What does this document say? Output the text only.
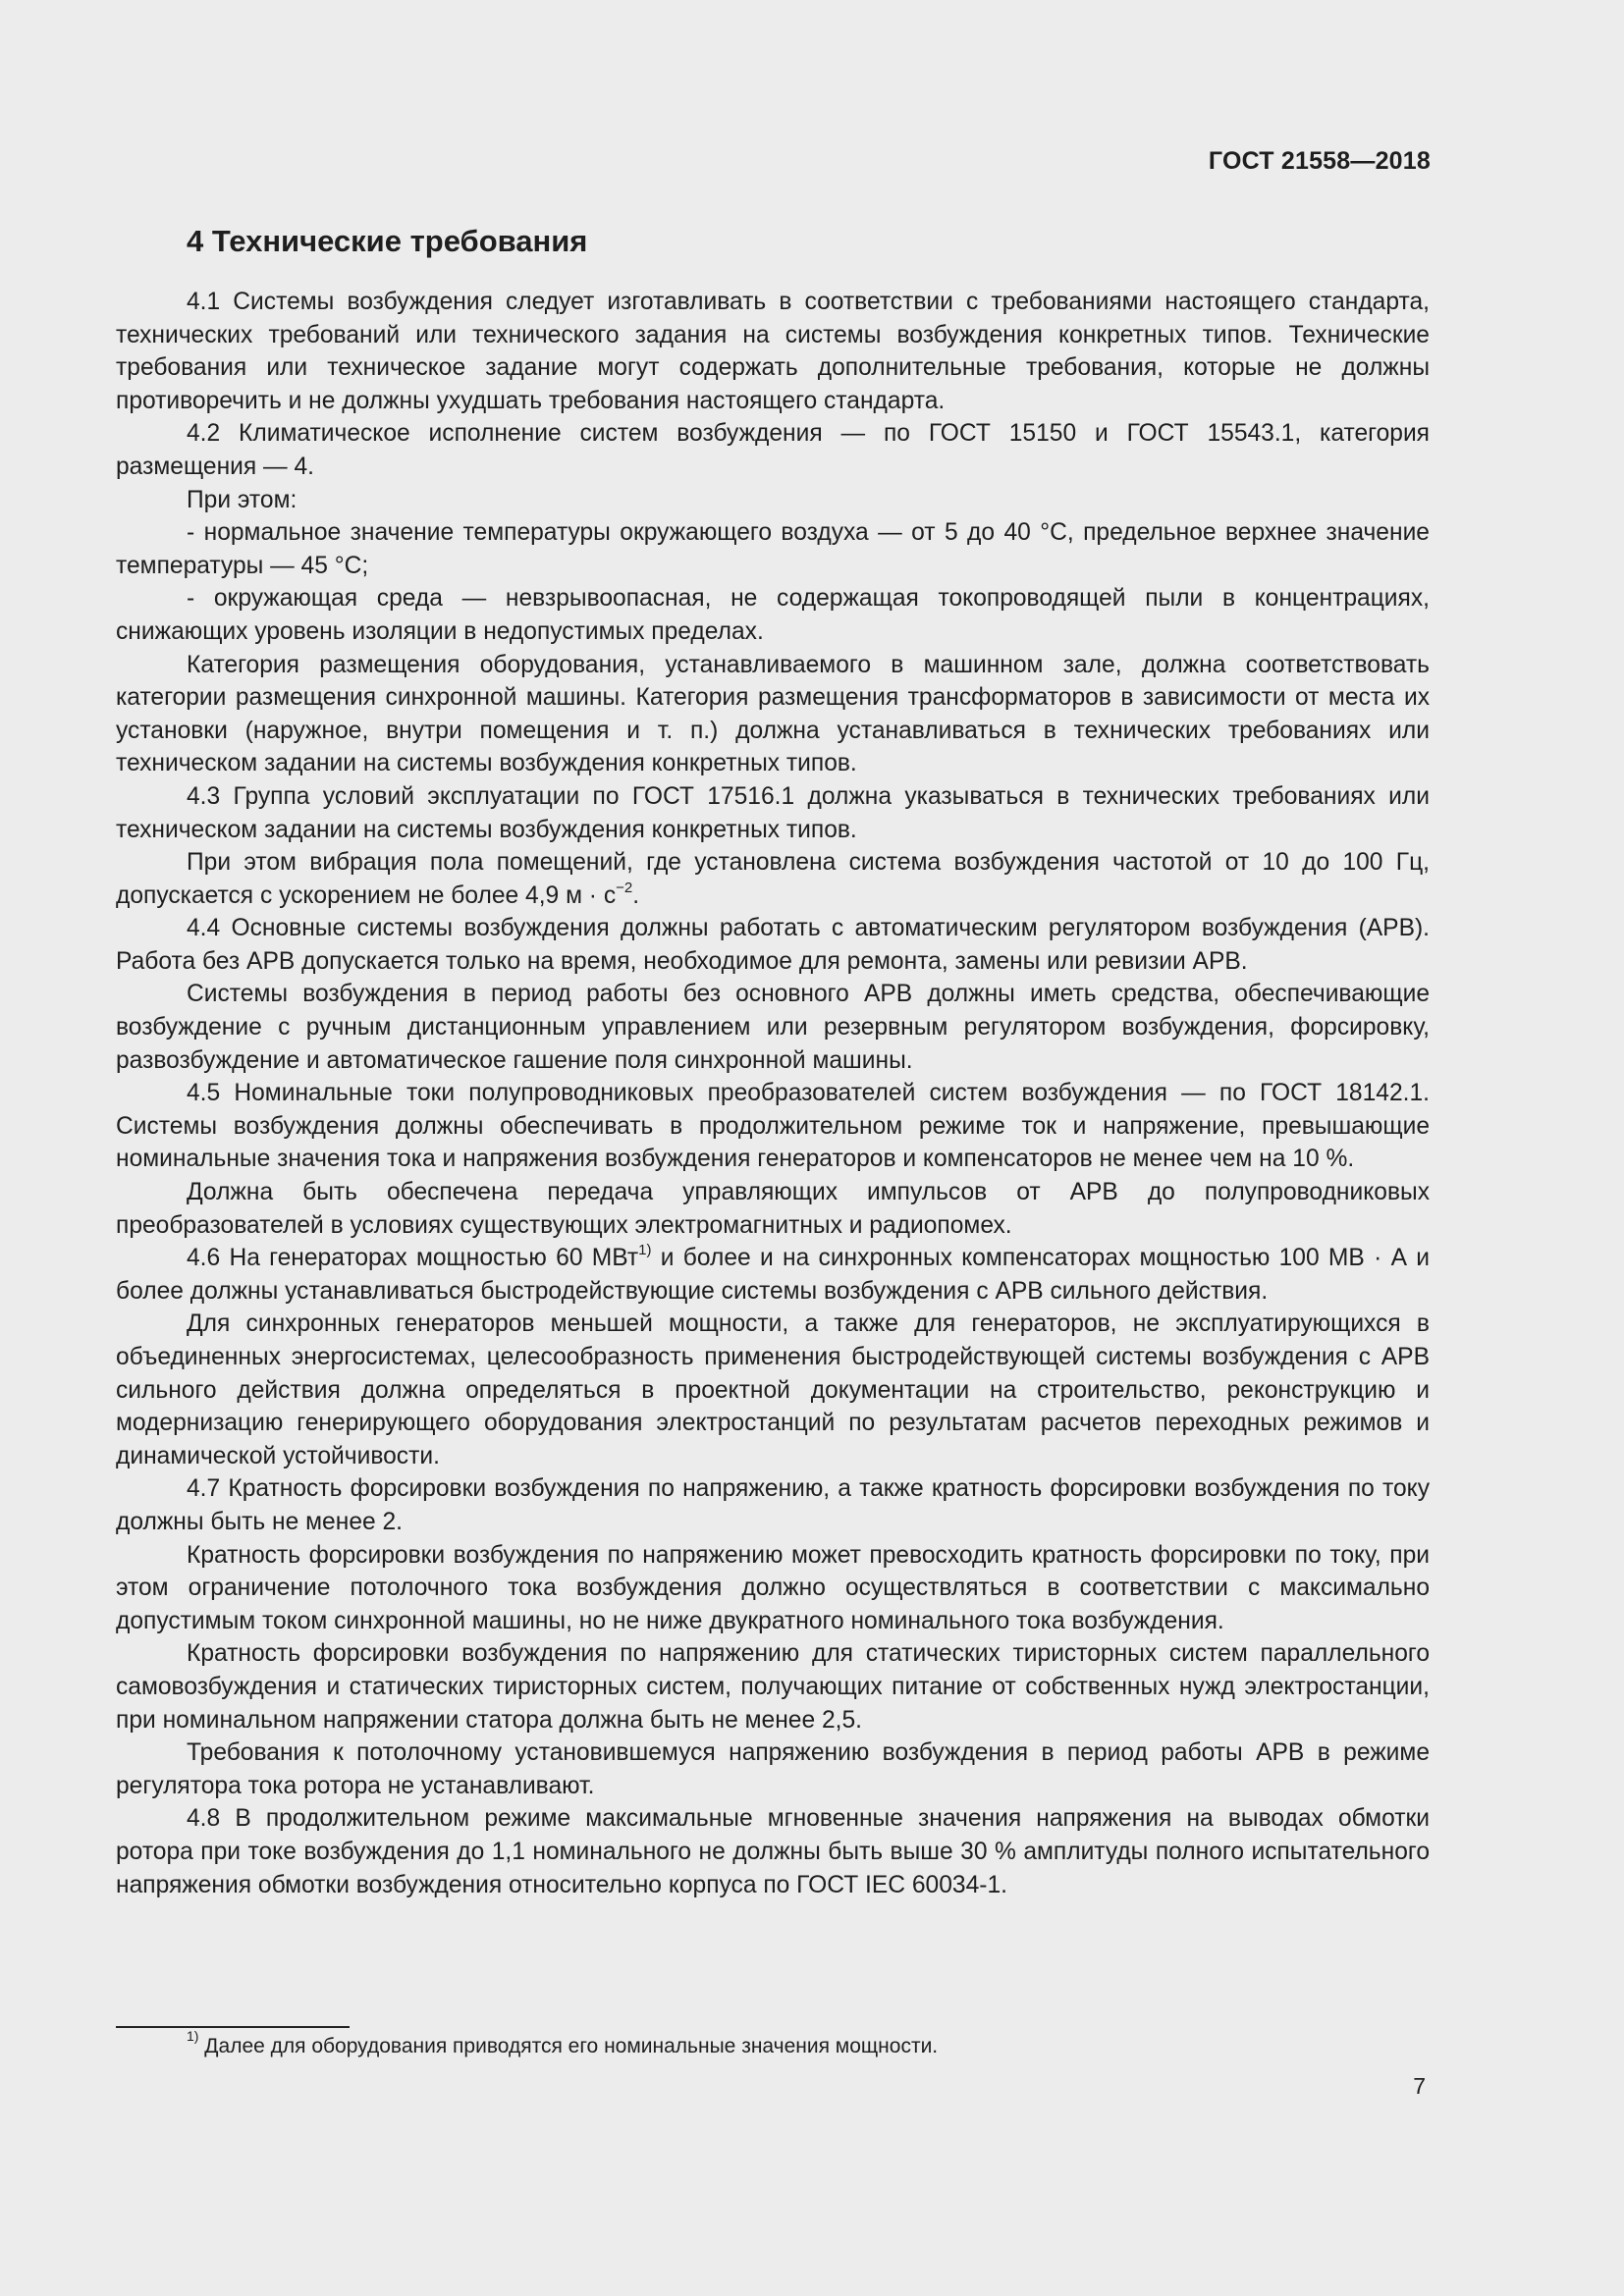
ГОСТ 21558—2018
4 Технические требования

4.1 Системы возбуждения следует изготавливать в соответствии с требованиями настоящего стандарта, технических требований или технического задания на системы возбуждения конкретных типов. Технические требования или техническое задание могут содержать дополнительные требования, которые не должны противоречить и не должны ухудшать требования настоящего стандарта.

4.2 Климатическое исполнение систем возбуждения — по ГОСТ 15150 и ГОСТ 15543.1, категория размещения — 4.

При этом:

- нормальное значение температуры окружающего воздуха — от 5 до 40 °С, предельное верхнее значение температуры — 45 °С;

- окружающая среда — невзрывоопасная, не содержащая токопроводящей пыли в концентрациях, снижающих уровень изоляции в недопустимых пределах.

Категория размещения оборудования, устанавливаемого в машинном зале, должна соответствовать категории размещения синхронной машины. Категория размещения трансформаторов в зависимости от места их установки (наружное, внутри помещения и т. п.) должна устанавливаться в технических требованиях или техническом задании на системы возбуждения конкретных типов.

4.3 Группа условий эксплуатации по ГОСТ 17516.1 должна указываться в технических требованиях или техническом задании на системы возбуждения конкретных типов.

При этом вибрация пола помещений, где установлена система возбуждения частотой от 10 до 100 Гц, допускается с ускорением не более 4,9 $м \cdot с^{-2}$.

4.4 Основные системы возбуждения должны работать с автоматическим регулятором возбуждения (АРВ). Работа без АРВ допускается только на время, необходимое для ремонта, замены или ревизии АРВ.

Системы возбуждения в период работы без основного АРВ должны иметь средства, обеспечивающие возбуждение с ручным дистанционным управлением или резервным регулятором возбуждения, форсировку, развозбуждение и автоматическое гашение поля синхронной машины.

4.5 Номинальные токи полупроводниковых преобразователей систем возбуждения — по ГОСТ 18142.1. Системы возбуждения должны обеспечивать в продолжительном режиме ток и напряжение, превышающие номинальные значения тока и напряжения возбуждения генераторов и компенсаторов не менее чем на 10 %.

Должна быть обеспечена передача управляющих импульсов от АРВ до полупроводниковых преобразователей в условиях существующих электромагнитных и радиопомех.

4.6 На генераторах мощностью 60 МВт$^{1)}$ и более и на синхронных компенсаторах мощностью 100 МВ · А и более должны устанавливаться быстродействующие системы возбуждения с АРВ сильного действия.

Для синхронных генераторов меньшей мощности, а также для генераторов, не эксплуатирующихся в объединенных энергосистемах, целесообразность применения быстродействующей системы возбуждения с АРВ сильного действия должна определяться в проектной документации на строительство, реконструкцию и модернизацию генерирующего оборудования электростанций по результатам расчетов переходных режимов и динамической устойчивости.

4.7 Кратность форсировки возбуждения по напряжению, а также кратность форсировки возбуждения по току должны быть не менее 2.

Кратность форсировки возбуждения по напряжению может превосходить кратность форсировки по току, при этом ограничение потолочного тока возбуждения должно осуществляться в соответствии с максимально допустимым током синхронной машины, но не ниже двукратного номинального тока возбуждения.

Кратность форсировки возбуждения по напряжению для статических тиристорных систем параллельного самовозбуждения и статических тиристорных систем, получающих питание от собственных нужд электростанции, при номинальном напряжении статора должна быть не менее 2,5.

Требования к потолочному установившемуся напряжению возбуждения в период работы АРВ в режиме регулятора тока ротора не устанавливают.

4.8 В продолжительном режиме максимальные мгновенные значения напряжения на выводах обмотки ротора при токе возбуждения до 1,1 номинального не должны быть выше 30 % амплитуды полного испытательного напряжения обмотки возбуждения относительно корпуса по ГОСТ IEC 60034-1.

$^{1)}$ Далее для оборудования приводятся его номинальные значения мощности.
7
